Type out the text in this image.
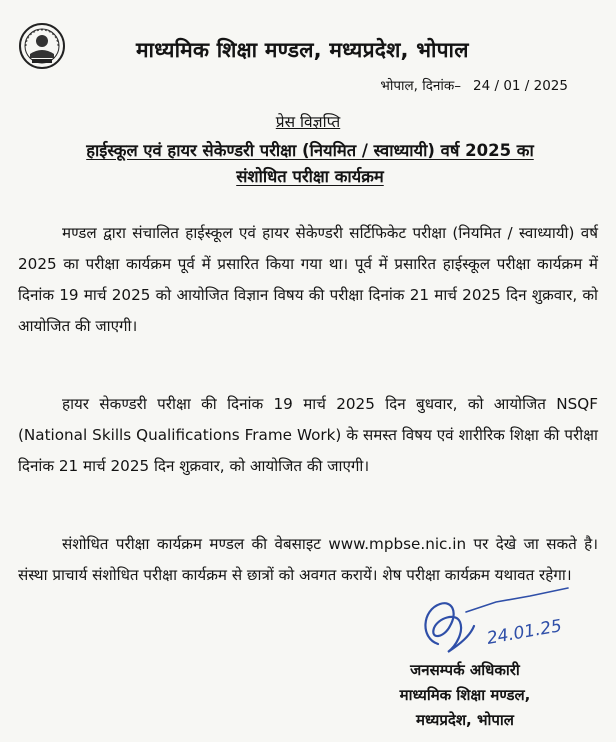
माध्यमिक शिक्षा मण्डल, मध्यप्रदेश, भोपाल
भोपाल, दिनांक– 24 / 01 / 2025
प्रेस विज्ञप्ति
हाईस्कूल एवं हायर सेकेण्डरी परीक्षा (नियमित / स्वाध्यायी) वर्ष 2025 का
संशोधित परीक्षा कार्यक्रम

मण्डल द्वारा संचालित हाईस्कूल एवं हायर सेकेण्डरी सर्टिफिकेट परीक्षा (नियमित / स्वाध्यायी) वर्ष 2025 का परीक्षा कार्यक्रम पूर्व में प्रसारित किया गया था। पूर्व में प्रसारित हाईस्कूल परीक्षा कार्यक्रम में दिनांक 19 मार्च 2025 को आयोजित विज्ञान विषय की परीक्षा दिनांक 21 मार्च 2025 दिन शुक्रवार, को आयोजित की जाएगी।

हायर सेकण्डरी परीक्षा की दिनांक 19 मार्च 2025 दिन बुधवार, को आयोजित NSQF (National Skills Qualifications Frame Work) के समस्त विषय एवं शारीरिक शिक्षा की परीक्षा दिनांक 21 मार्च 2025 दिन शुक्रवार, को आयोजित की जाएगी।

संशोधित परीक्षा कार्यक्रम मण्डल की वेबसाइट www.mpbse.nic.in पर देखे जा सकते है। संस्था प्राचार्य संशोधित परीक्षा कार्यक्रम से छात्रों को अवगत करायें। शेष परीक्षा कार्यक्रम यथावत रहेगा।

24.01.25
जनसम्पर्क अधिकारी
माध्यमिक शिक्षा मण्डल,
मध्यप्रदेश, भोपाल
